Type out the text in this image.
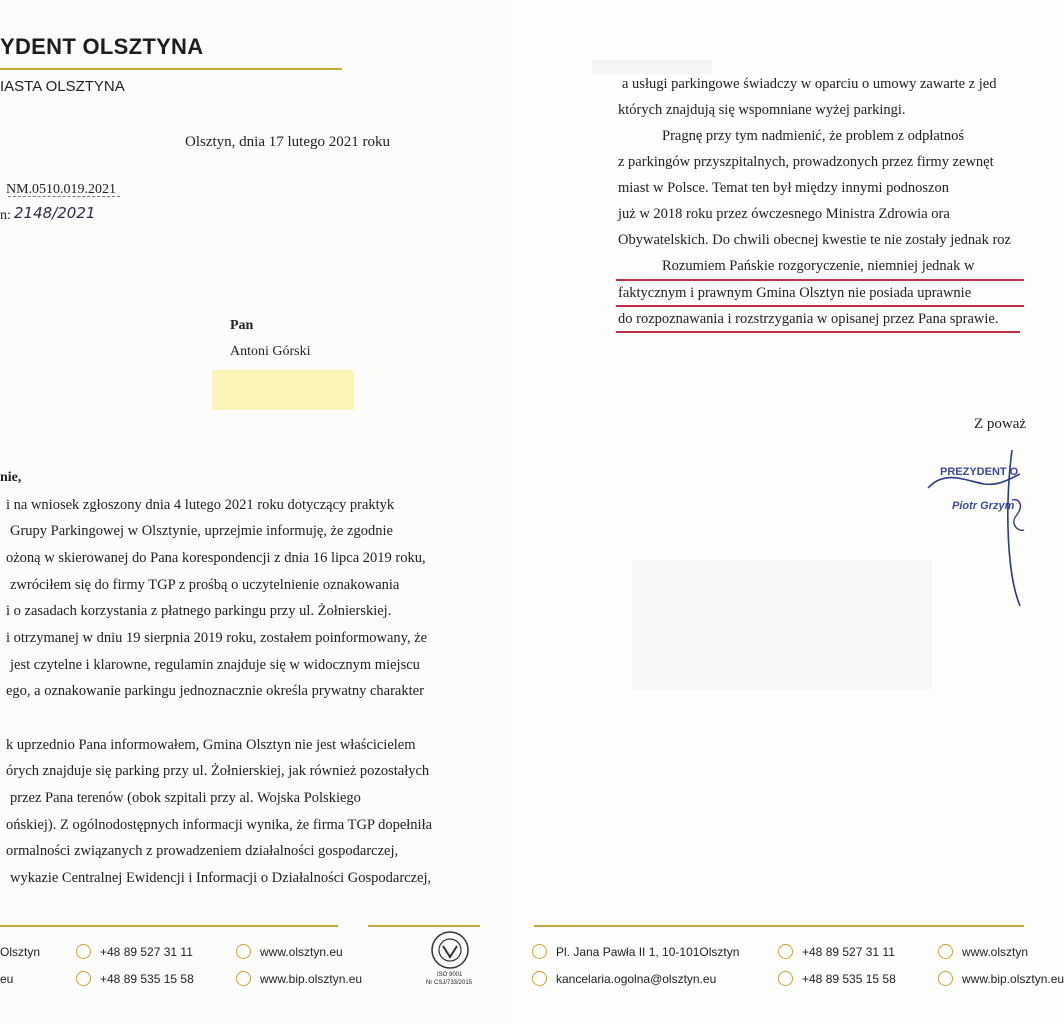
YDENT OLSZTYNA
IASTA OLSZTYNA
Olsztyn, dnia 17 lutego 2021 roku
NM.0510.019.2021
n: 2148/2021
Pan
Antoni Górski
nie,
i na wniosek zgłoszony dnia 4 lutego 2021 roku dotyczący praktyk
Grupy Parkingowej w Olsztynie, uprzejmie informuję, że zgodnie
ożoną w skierowanej do Pana korespondencji z dnia 16 lipca 2019 roku,
zwróciłem się do firmy TGP z prośbą o uczytelnienie oznakowania
i o zasadach korzystania z płatnego parkingu przy ul. Żołnierskiej.
i otrzymanej w dniu 19 sierpnia 2019 roku, zostałem poinformowany, że
jest czytelne i klarowne, regulamin znajduje się w widocznym miejscu
ego, a oznakowanie parkingu jednoznacznie określa prywatny charakter
k uprzednio Pana informowałem, Gmina Olsztyn nie jest właścicielem
órych znajduje się parking przy ul. Żołnierskiej, jak również pozostałych
przez Pana terenów (obok szpitali przy al. Wojska Polskiego
ońskiej). Z ogólnodostępnych informacji wynika, że firma TGP dopełniła
ormalności związanych z prowadzeniem działalności gospodarczej,
wykazie Centralnej Ewidencji i Informacji o Działalności Gospodarczej,
Olsztyn
eu
+48 89 527 31 11
+48 89 535 15 58
www.olsztyn.eu
www.bip.olsztyn.eu	ISO 9001
Nr CSJ/733/2015
a usługi parkingowe świadczy w oparciu o umowy zawarte z jed
których znajdują się wspomniane wyżej parkingi.
Pragnę przy tym nadmienić, że problem z odpłatnoś
z parkingów przyszpitalnych, prowadzonych przez firmy zewnęt
miast w Polsce. Temat ten był między innymi podnoszon
już w 2018 roku przez ówczesnego Ministra Zdrowia ora
Obywatelskich. Do chwili obecnej kwestie te nie zostały jednak roz
Rozumiem Pańskie rozgoryczenie, niemniej jednak w
faktycznym i prawnym Gmina Olsztyn nie posiada uprawnie
do rozpoznawania i rozstrzygania w opisanej przez Pana sprawie.
Z poważ
PREZYDENT O
Piotr Grzym
Pl. Jana Pawła II 1, 10-101Olsztyn
kancelaria.ogolna@olsztyn.eu
+48 89 527 31 11
+48 89 535 15 58
www.olsztyn
www.bip.olsztyn.eu
